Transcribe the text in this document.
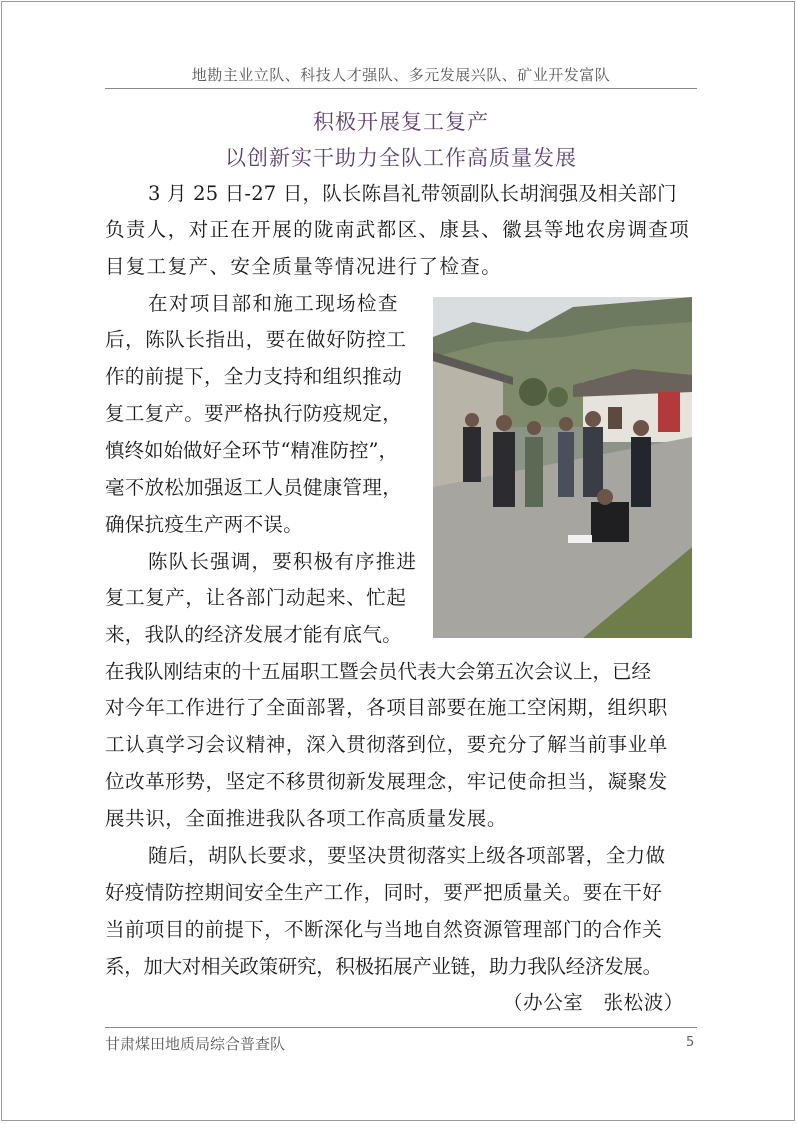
地勘主业立队、科技人才强队、多元发展兴队、矿业开发富队
积极开展复工复产
以创新实干助力全队工作高质量发展
3 月 25 日-27 日，队长陈昌礼带领副队长胡润强及相关部门
负责人，对正在开展的陇南武都区、康县、徽县等地农房调查项
目复工复产、安全质量等情况进行了检查。
在对项目部和施工现场检查
后，陈队长指出，要在做好防控工
作的前提下，全力支持和组织推动
复工复产。要严格执行防疫规定，
慎终如始做好全环节“精准防控”，
毫不放松加强返工人员健康管理，
确保抗疫生产两不误。
陈队长强调，要积极有序推进
复工复产，让各部门动起来、忙起
来，我队的经济发展才能有底气。
在我队刚结束的十五届职工暨会员代表大会第五次会议上，已经
对今年工作进行了全面部署，各项目部要在施工空闲期，组织职
工认真学习会议精神，深入贯彻落到位，要充分了解当前事业单
位改革形势，坚定不移贯彻新发展理念，牢记使命担当，凝聚发
展共识，全面推进我队各项工作高质量发展。
随后，胡队长要求，要坚决贯彻落实上级各项部署，全力做
好疫情防控期间安全生产工作，同时，要严把质量关。要在干好
当前项目的前提下，不断深化与当地自然资源管理部门的合作关
系，加大对相关政策研究，积极拓展产业链，助力我队经济发展。
（办公室　张松波）
甘肃煤田地质局综合普查队	5
